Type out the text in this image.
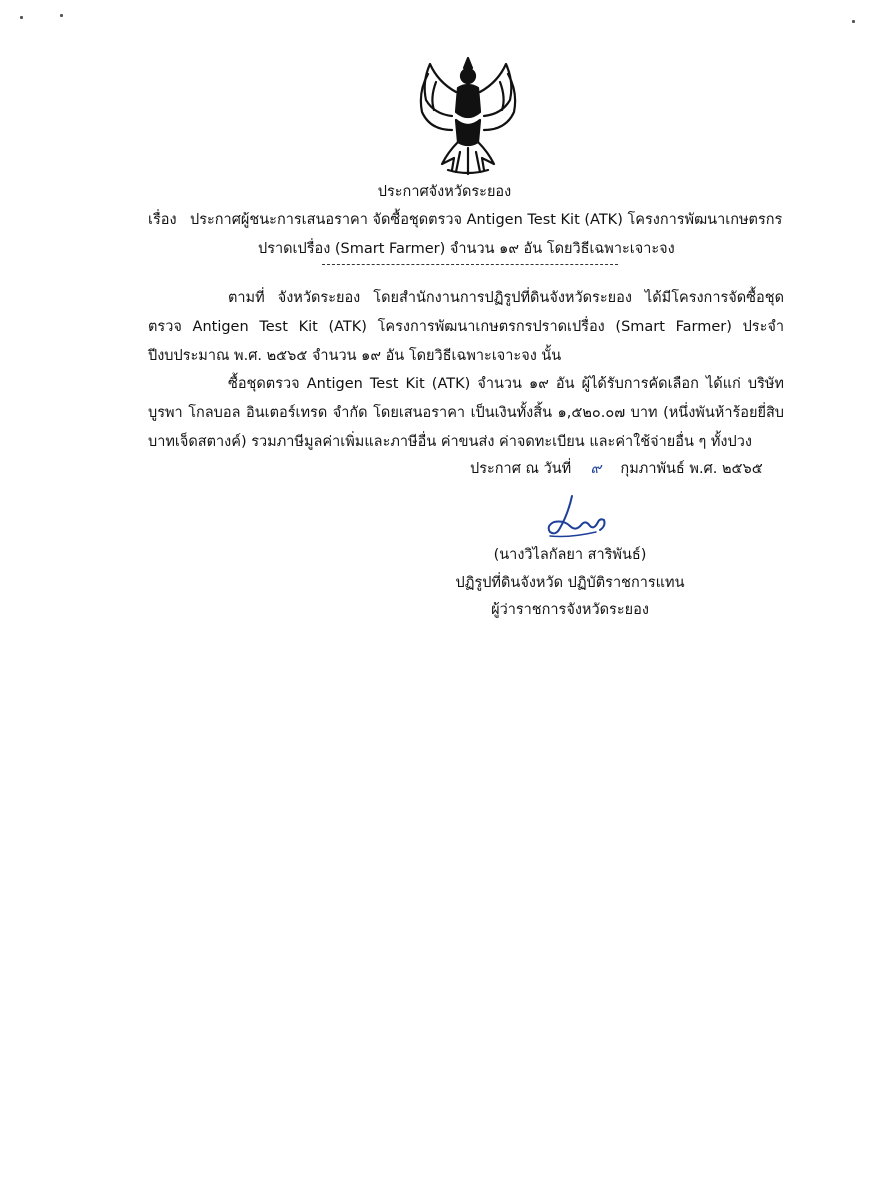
ประกาศจังหวัดระยอง
เรื่อง ประกาศผู้ชนะการเสนอราคา จัดซื้อชุดตรวจ Antigen Test Kit (ATK) โครงการพัฒนาเกษตรกร
ปราดเปรื่อง (Smart Farmer) จำนวน ๑๙ อัน โดยวิธีเฉพาะเจาะจง
ตามที่ จังหวัดระยอง โดยสำนักงานการปฏิรูปที่ดินจังหวัดระยอง ได้มีโครงการจัดซื้อชุดตรวจ Antigen Test Kit (ATK) โครงการพัฒนาเกษตรกรปราดเปรื่อง (Smart Farmer) ประจำปีงบประมาณ พ.ศ. ๒๕๖๕ จำนวน ๑๙ อัน โดยวิธีเฉพาะเจาะจง นั้น
ซื้อชุดตรวจ Antigen Test Kit (ATK) จำนวน ๑๙ อัน ผู้ได้รับการคัดเลือก ได้แก่ บริษัท บูรพา โกลบอล อินเตอร์เทรด จำกัด โดยเสนอราคา เป็นเงินทั้งสิ้น ๑,๕๒๐.๐๗ บาท (หนึ่งพันห้าร้อยยี่สิบบาทเจ็ดสตางค์) รวมภาษีมูลค่าเพิ่มและภาษีอื่น ค่าขนส่ง ค่าจดทะเบียน และค่าใช้จ่ายอื่น ๆ ทั้งปวง
ประกาศ ณ วันที่ ๙ กุมภาพันธ์ พ.ศ. ๒๕๖๕
(นางวิไลกัลยา สาริพันธ์)
ปฏิรูปที่ดินจังหวัด ปฏิบัติราชการแทน
ผู้ว่าราชการจังหวัดระยอง
